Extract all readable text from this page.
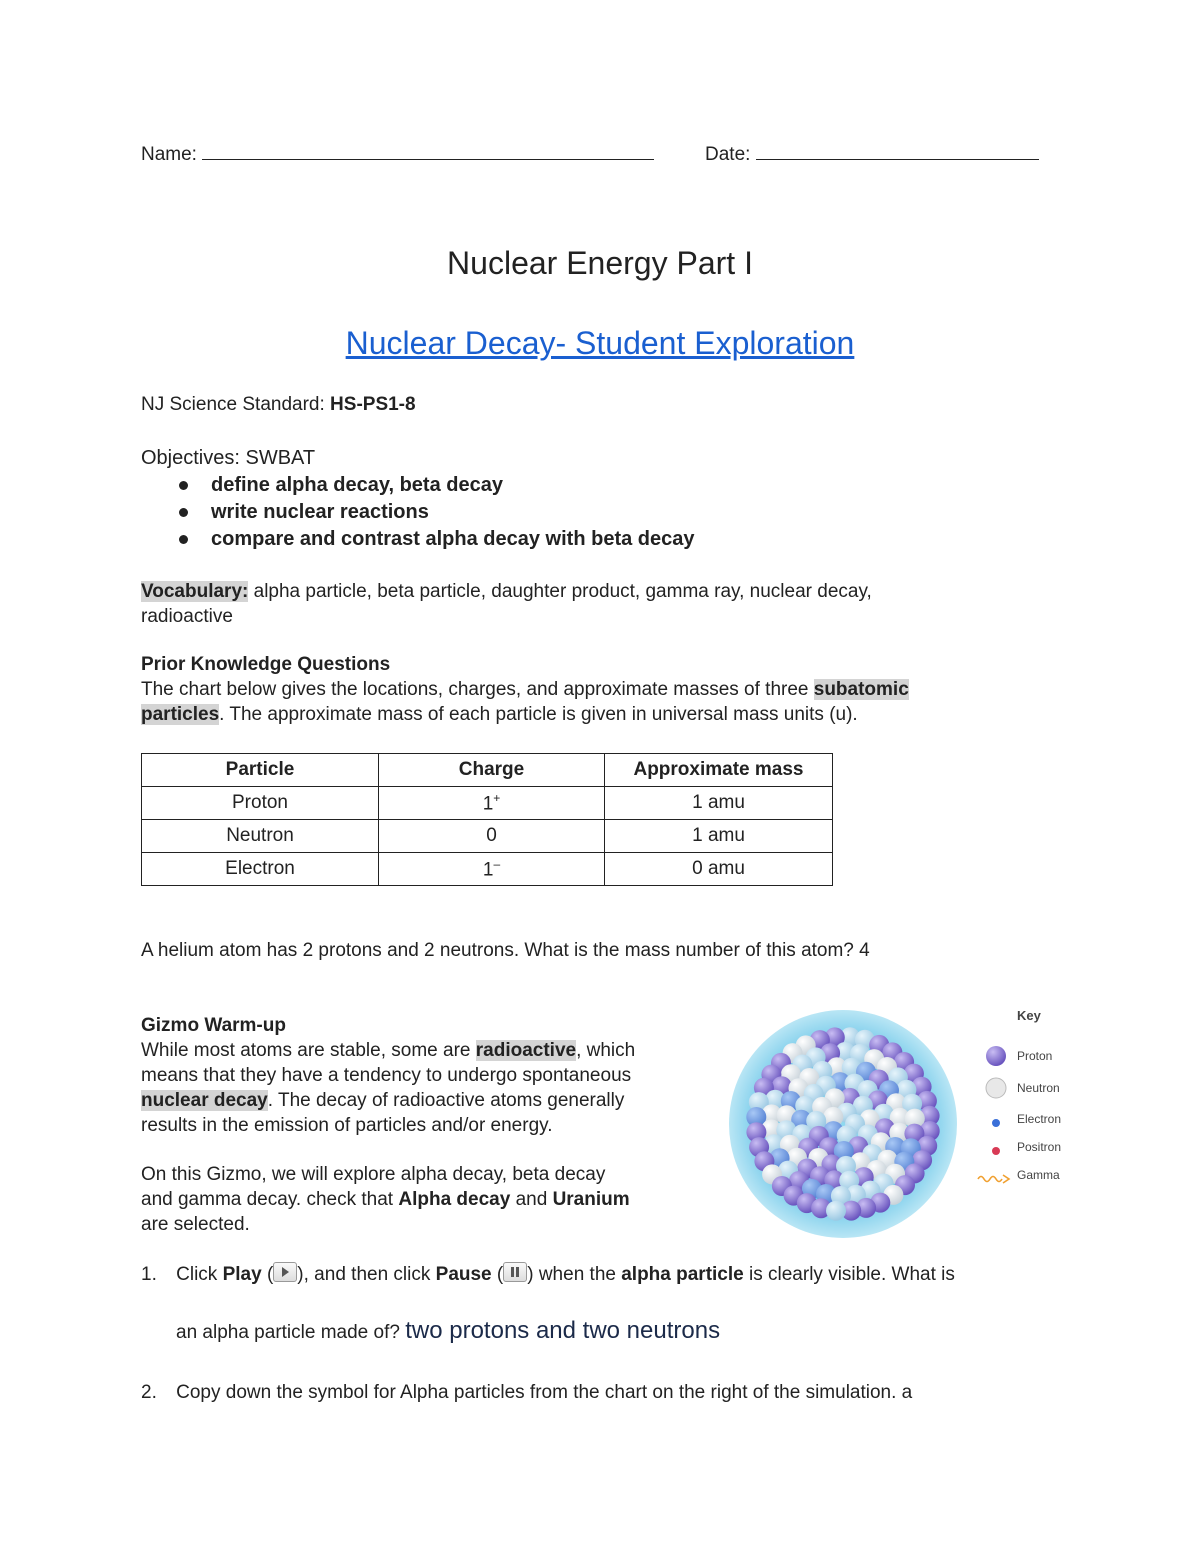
Name:	Date:
Nuclear Energy Part I
Nuclear Decay- Student Exploration
NJ Science Standard: HS-PS1-8
Objectives: SWBAT
define alpha decay, beta decay
write nuclear reactions
compare and contrast alpha decay with beta decay
Vocabulary: alpha particle, beta particle, daughter product, gamma ray, nuclear decay,
radioactive
Prior Knowledge Questions
The chart below gives the locations, charges, and approximate masses of three subatomic
particles. The approximate mass of each particle is given in universal mass units (u).
Particle	Charge	Approximate mass
Proton	1+	1 amu
Neutron	0	1 amu
Electron	1–	0 amu
A helium atom has 2 protons and 2 neutrons. What is the mass number of this atom? 4
Gizmo Warm-up
While most atoms are stable, some are radioactive, which
means that they have a tendency to undergo spontaneous
nuclear decay. The decay of radioactive atoms generally
results in the emission of particles and/or energy.
On this Gizmo, we will explore alpha decay, beta decay
and gamma decay. check that Alpha decay and Uranium
are selected.
Key
Proton
Neutron
Electron
Positron
Gamma
1. Click Play ( ), and then click Pause ( ) when the alpha particle is clearly visible. What is
an alpha particle made of? two protons and two neutrons
2. Copy down the symbol for Alpha particles from the chart on the right of the simulation. a
